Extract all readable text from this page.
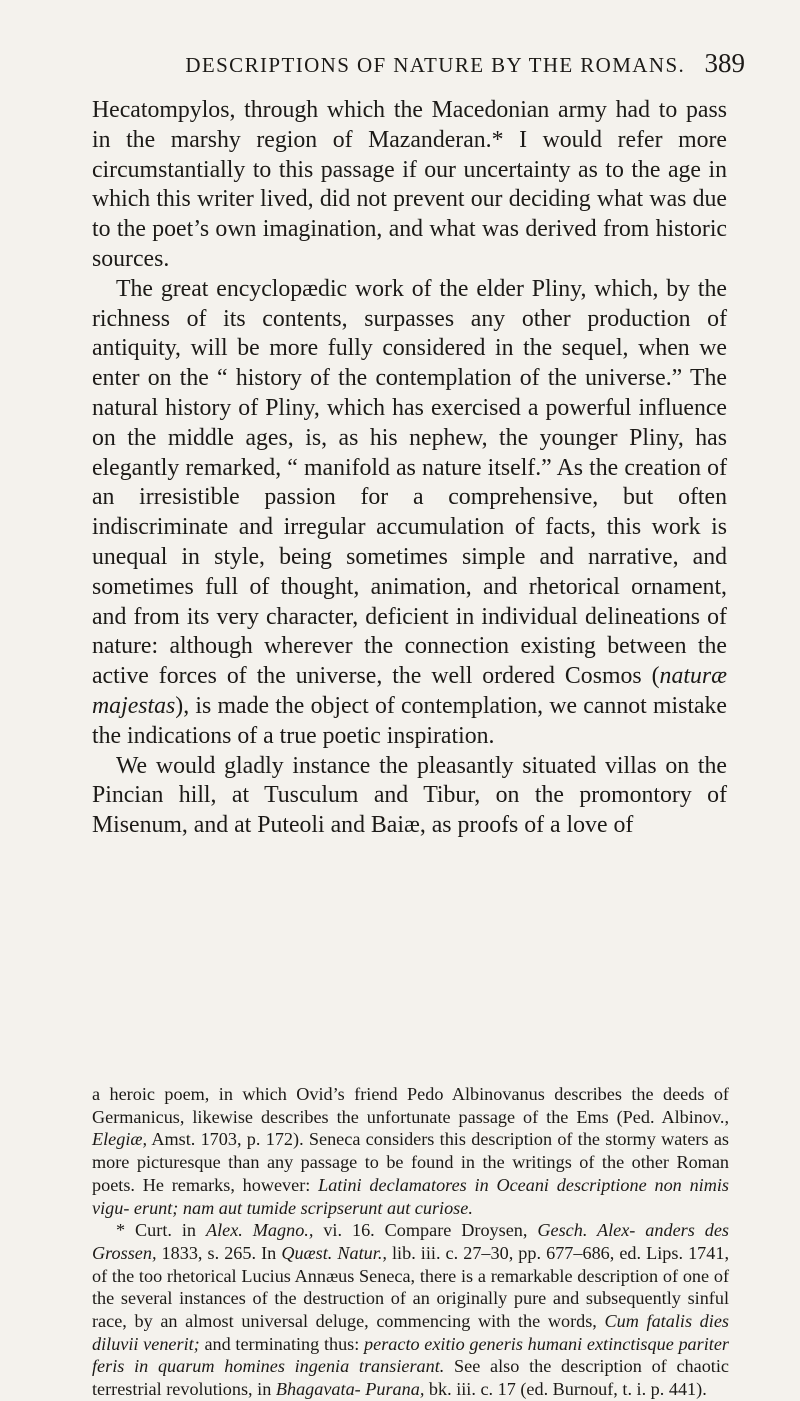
DESCRIPTIONS OF NATURE BY THE ROMANS. 389

Hecatompylos, through which the Macedonian army had to pass in the marshy region of Mazanderan.* I would refer more circumstantially to this passage if our uncertainty as to the age in which this writer lived, did not prevent our deciding what was due to the poet’s own imagination, and what was derived from historic sources.

The great encyclopædic work of the elder Pliny, which, by the richness of its contents, surpasses any other production of antiquity, will be more fully considered in the sequel, when we enter on the “ history of the contemplation of the universe.” The natural history of Pliny, which has exercised a powerful influence on the middle ages, is, as his nephew, the younger Pliny, has elegantly remarked, “ manifold as nature itself.” As the creation of an irresistible passion for a comprehensive, but often indiscriminate and irregular accumulation of facts, this work is unequal in style, being sometimes simple and narrative, and sometimes full of thought, animation, and rhetorical ornament, and from its very character, deficient in individual delineations of nature: although wherever the connection existing between the active forces of the universe, the well ordered Cosmos (naturæ majestas), is made the object of contemplation, we cannot mistake the indications of a true poetic inspiration.

We would gladly instance the pleasantly situated villas on the Pincian hill, at Tusculum and Tibur, on the promontory of Misenum, and at Puteoli and Baiæ, as proofs of a love of

a heroic poem, in which Ovid’s friend Pedo Albinovanus describes the deeds of Germanicus, likewise describes the unfortunate passage of the Ems (Ped. Albinov., Elegiæ, Amst. 1703, p. 172). Seneca considers this description of the stormy waters as more picturesque than any passage to be found in the writings of the other Roman poets. He remarks, however: Latini declamatores in Oceani descriptione non nimis vigu- erunt; nam aut tumide scripserunt aut curiose.

* Curt. in Alex. Magno., vi. 16. Compare Droysen, Gesch. Alex- anders des Grossen, 1833, s. 265. In Quæst. Natur., lib. iii. c. 27–30, pp. 677–686, ed. Lips. 1741, of the too rhetorical Lucius Annæus Seneca, there is a remarkable description of one of the several instances of the destruction of an originally pure and subsequently sinful race, by an almost universal deluge, commencing with the words, Cum fatalis dies diluvii venerit; and terminating thus: peracto exitio generis humani extinctisque pariter feris in quarum homines ingenia transierant. See also the description of chaotic terrestrial revolutions, in Bhagavata- Purana, bk. iii. c. 17 (ed. Burnouf, t. i. p. 441).
